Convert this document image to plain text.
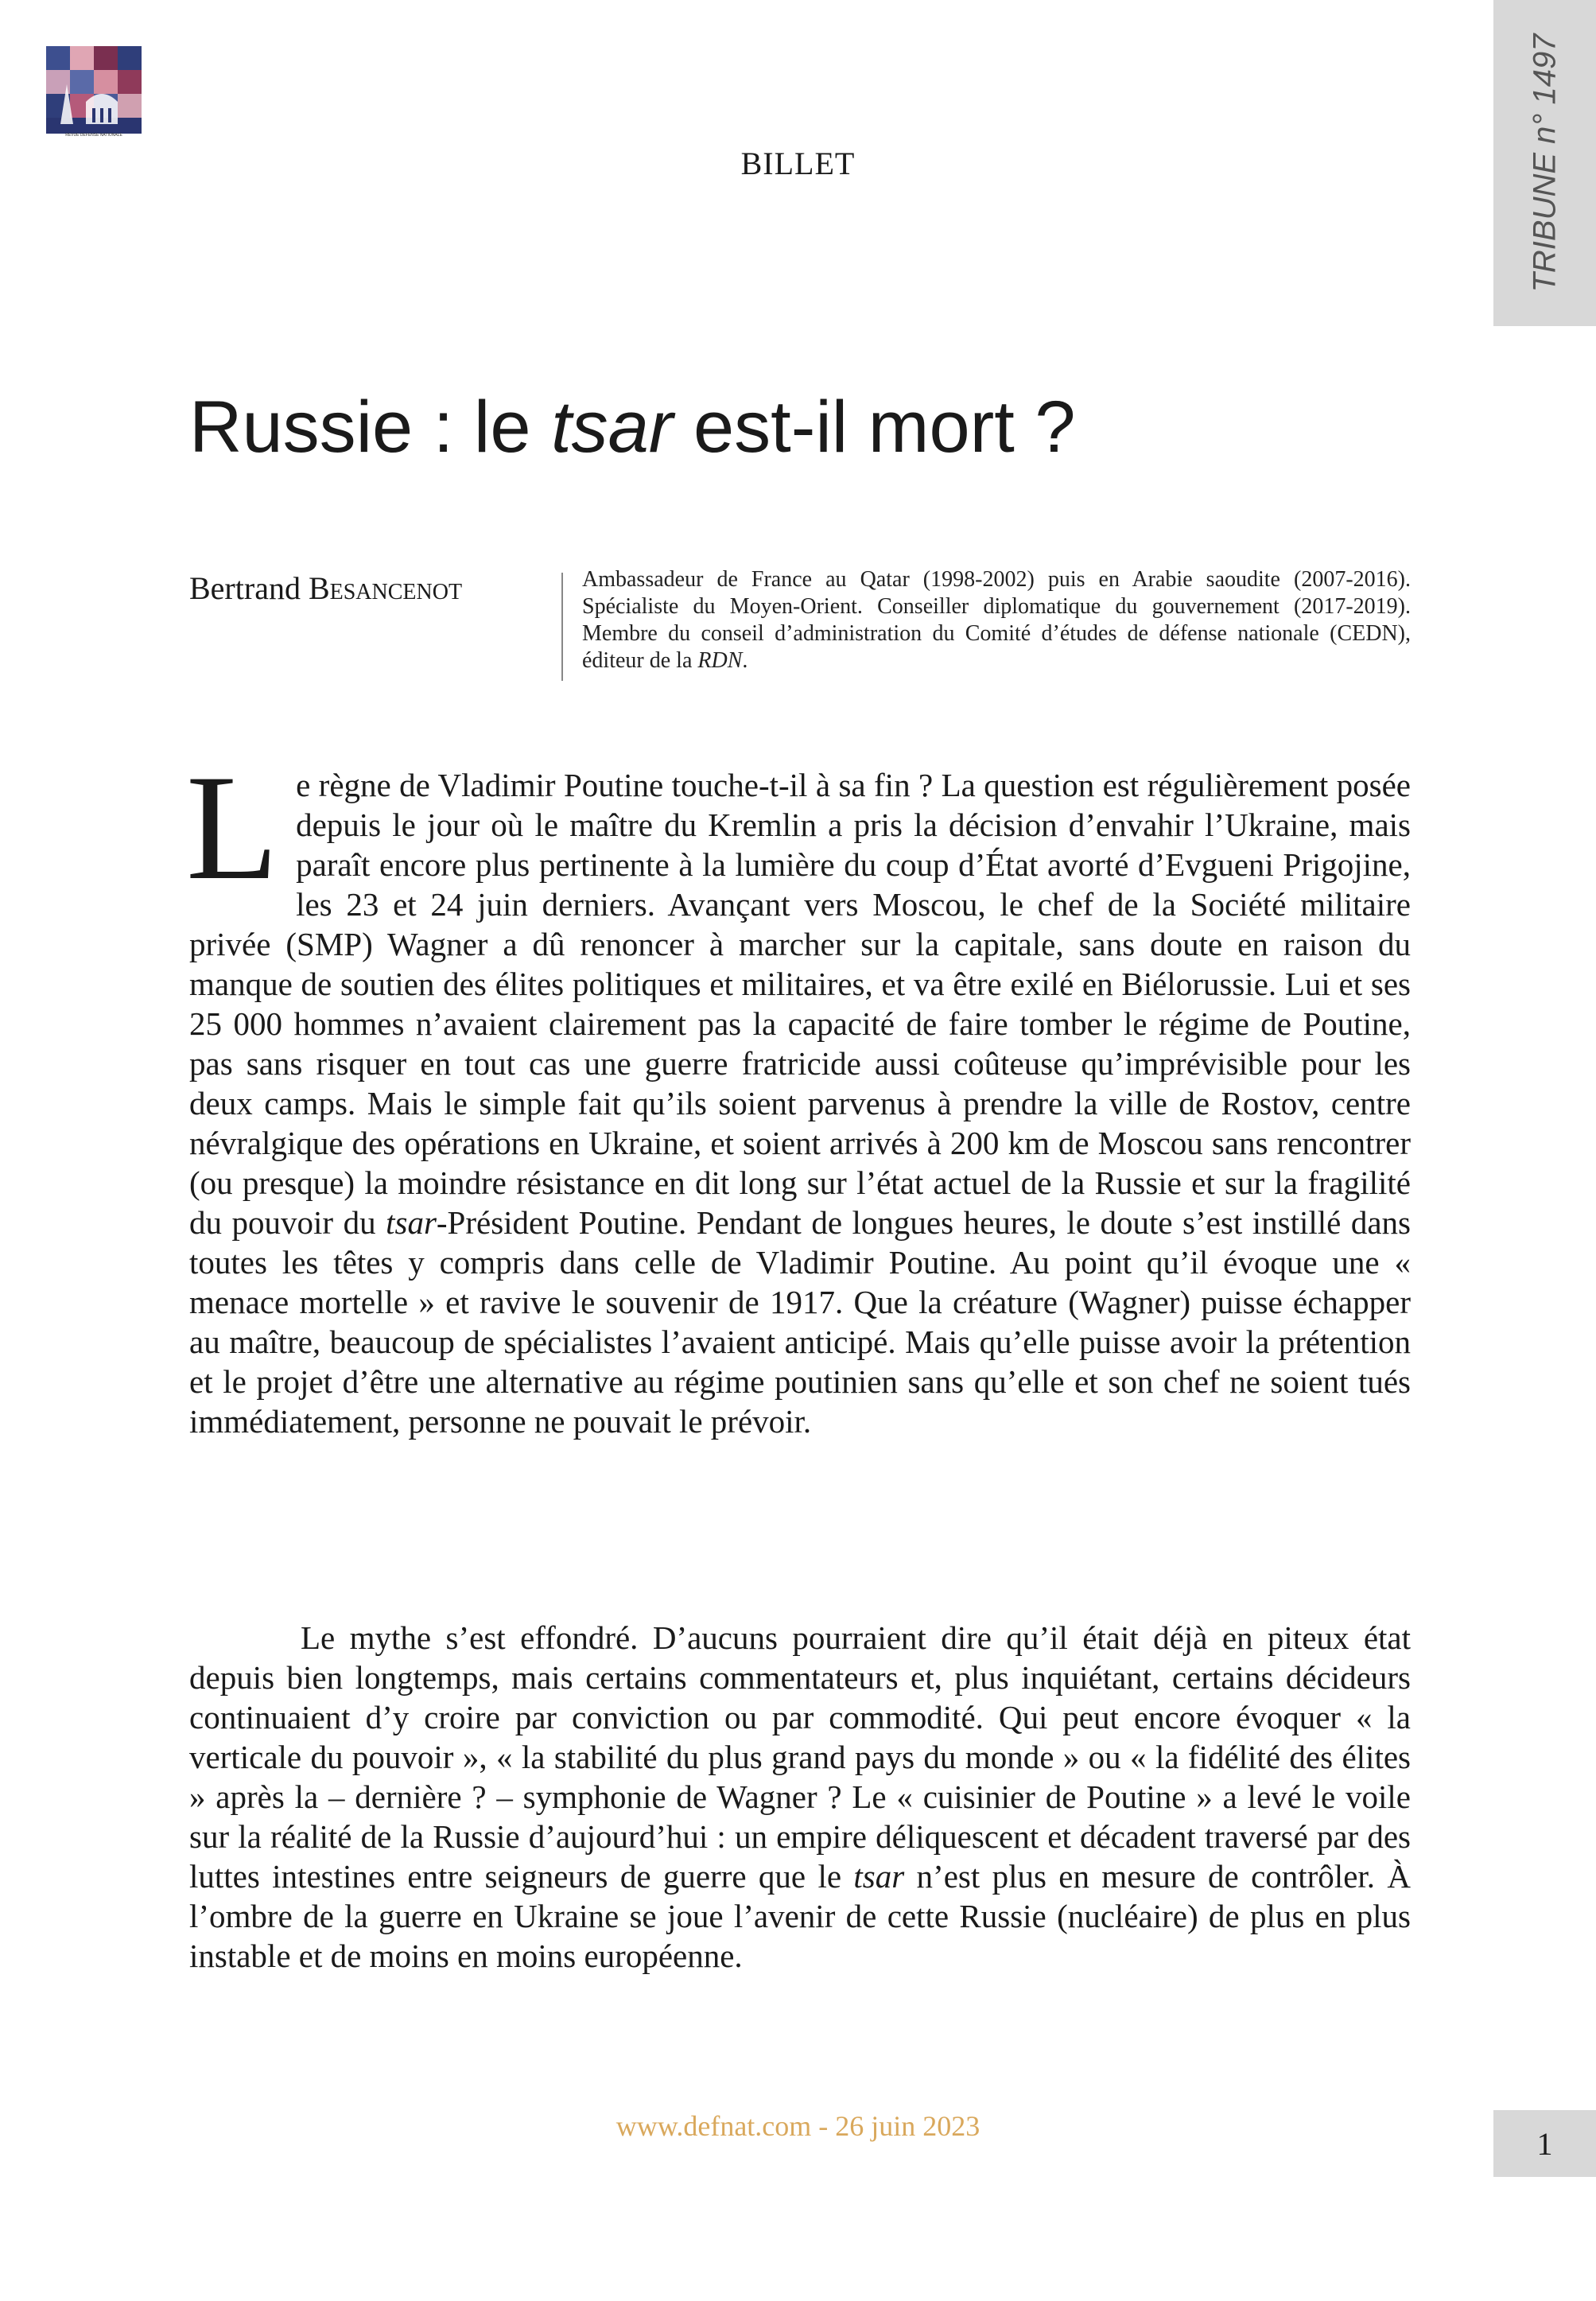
REVUE DÉFENSE NATIONALE
TRIBUNE n° 1497
BILLET
Russie : le tsar est-il mort ?
Bertrand Besancenot	Ambassadeur de France au Qatar (1998-2002) puis en Arabie saoudite (2007-2016). Spécialiste du Moyen-Orient. Conseiller diplomatique du gouvernement (2017-2019). Membre du conseil d’administration du Comité d’études de défense nationale (CEDN), éditeur de la RDN.

Le règne de Vladimir Poutine touche-t-il à sa fin ? La question est régulièrement posée depuis le jour où le maître du Kremlin a pris la décision d’envahir l’Ukraine, mais paraît encore plus pertinente à la lumière du coup d’État avorté d’Evgueni Prigojine, les 23 et 24 juin derniers. Avançant vers Moscou, le chef de la Société militaire privée (SMP) Wagner a dû renoncer à marcher sur la capitale, sans doute en raison du manque de soutien des élites politiques et militaires, et va être exilé en Biélorussie. Lui et ses 25 000 hommes n’avaient clairement pas la capacité de faire tomber le régime de Poutine, pas sans risquer en tout cas une guerre fratricide aussi coûteuse qu’imprévisible pour les deux camps. Mais le simple fait qu’ils soient parvenus à prendre la ville de Rostov, centre névralgique des opérations en Ukraine, et soient arrivés à 200 km de Moscou sans rencontrer (ou presque) la moindre résistance en dit long sur l’état actuel de la Russie et sur la fragilité du pouvoir du tsar-Président Poutine. Pendant de longues heures, le doute s’est instillé dans toutes les têtes y compris dans celle de Vladimir Poutine. Au point qu’il évoque une « menace mortelle » et ravive le souvenir de 1917. Que la créature (Wagner) puisse échapper au maître, beaucoup de spécialistes l’avaient anticipé. Mais qu’elle puisse avoir la prétention et le projet d’être une alternative au régime poutinien sans qu’elle et son chef ne soient tués immédiatement, personne ne pouvait le prévoir.

Le mythe s’est effondré. D’aucuns pourraient dire qu’il était déjà en piteux état depuis bien longtemps, mais certains commentateurs et, plus inquiétant, certains décideurs continuaient d’y croire par conviction ou par commodité. Qui peut encore évoquer « la verticale du pouvoir », « la stabilité du plus grand pays du monde » ou « la fidélité des élites » après la – dernière ? – symphonie de Wagner ? Le « cuisinier de Poutine » a levé le voile sur la réalité de la Russie d’aujourd’hui : un empire déliquescent et décadent traversé par des luttes intestines entre seigneurs de guerre que le tsar n’est plus en mesure de contrôler. À l’ombre de la guerre en Ukraine se joue l’avenir de cette Russie (nucléaire) de plus en plus instable et de moins en moins européenne.

www.defnat.com - 26 juin 2023	1
